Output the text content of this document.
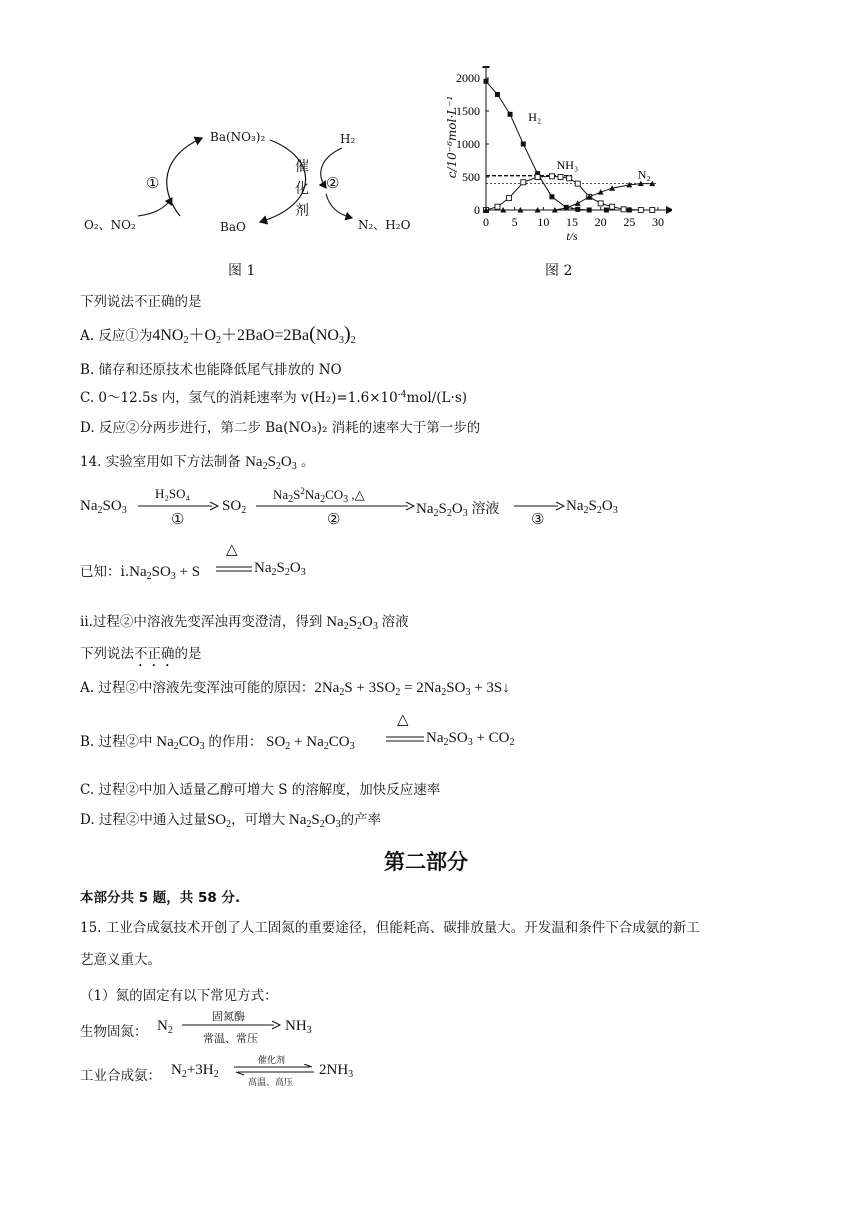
Ba(NO₃)₂
BaO
H₂
①	②
催
化
剂
O₂、NO₂	N₂、H₂O
图 1
0
500
1000
1500
2000
0 5 10 15 20 25 30
t/s
H₂
NH₃
N₂
c/10⁻⁶mol·L⁻¹
图 2
下列说法不正确的是
A. 反应①为$4NO_2+O_2+2BaO=2Ba(NO_3)_2$
B. 储存和还原技术也能降低尾气排放的 NO
C. 0～12.5s 内，氢气的消耗速率为 $v(H_2)=1.6\times 10^{-4}mol/(L\cdot s)$
D. 反应②分两步进行，第二步 Ba(NO₃)₂ 消耗的速率大于第一步的
14. 实验室用如下方法制备 $Na_2S_2O_3$ 。
$Na_2SO_3$
H₂SO₄
①
$SO_2$
$Na_2S^2Na_2CO_3$ ,△
②
$Na_2S_2O_3$ 溶液
③
$Na_2S_2O_3$
已知：$i.Na_2SO_3 + S$
△
$Na_2S_2O_3$
ii.过程②中溶液先变浑浊再变澄清，得到 $Na_2S_2O_3$ 溶液
下列说法不正确的是
A. 过程②中溶液先变浑浊可能的原因：$2Na_2S + 3SO_2 = 2Na_2SO_3$ + 3S↓
B. 过程②中 $Na_2CO_3$ 的作用： $SO_2 + Na_2CO_3$
△
$Na_2SO_3 + CO_2$
C. 过程②中加入适量乙醇可增大 S 的溶解度，加快反应速率
D. 过程②中通入过量$SO_2$，可增大 $Na_2S_2O_3$的产率
第二部分
本部分共 5 题，共 58 分.
15. 工业合成氨技术开创了人工固氮的重要途径，但能耗高、碳排放量大。开发温和条件下合成氨的新工
艺意义重大。
（1）氮的固定有以下常见方式：
生物固氮： $N_2$
固氮酶
常温、常压
$NH_3$
工业合成氨： $N_2+3H_2$
催化剂
高温、高压
$2NH_3$
